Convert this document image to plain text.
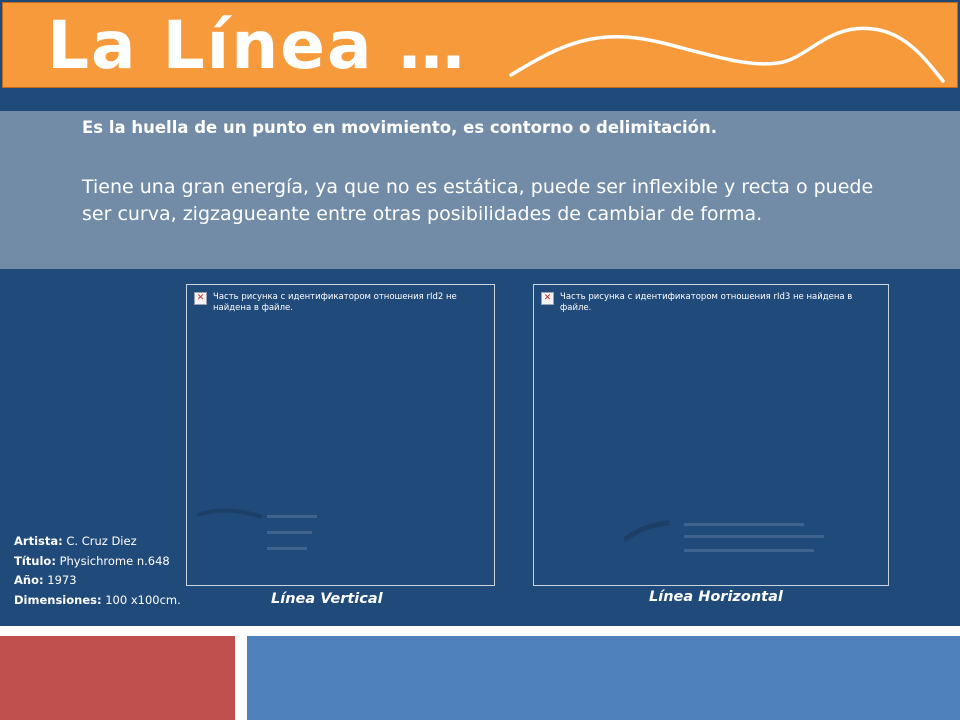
La Línea …
Es la huella de un punto en movimiento, es contorno o delimitación.

Tiene una gran energía, ya que no es estática, puede ser inflexible y recta o puede ser curva, zigzagueante entre otras posibilidades de cambiar de forma.

✕	Часть рисунка с идентификатором отношения rId2 не найдена в файле.
✕	Часть рисунка с идентификатором отношения rId3 не найдена в файле.
Línea Vertical	Línea Horizontal
Artista: C. Cruz Diez
Título: Physichrome n.648
Año: 1973
Dimensiones: 100 x100cm.
